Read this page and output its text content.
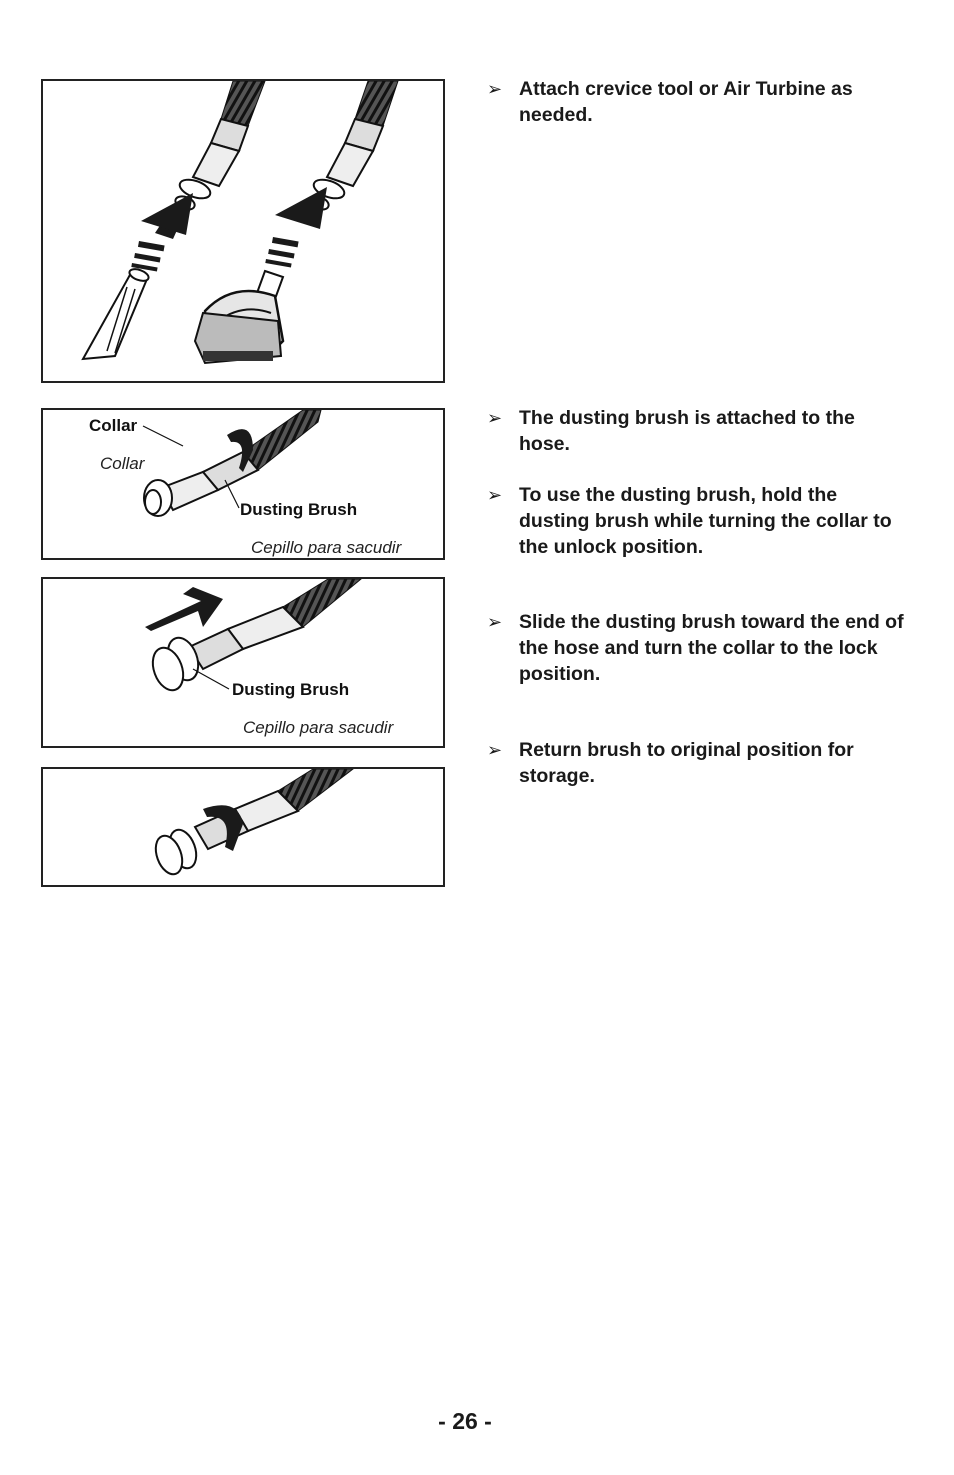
Collar
Collar
Dusting Brush
Cepillo para sacudir
Dusting Brush
Cepillo para sacudir
➢ Attach crevice tool or Air Turbine as needed.
➢ The dusting brush is attached to the hose.
➢ To use the dusting brush, hold the dusting brush while turning the collar to the unlock position.
➢ Slide the dusting brush toward the end of the hose and turn the collar to the lock position.
➢ Return brush to original position for storage.
- 26 -
